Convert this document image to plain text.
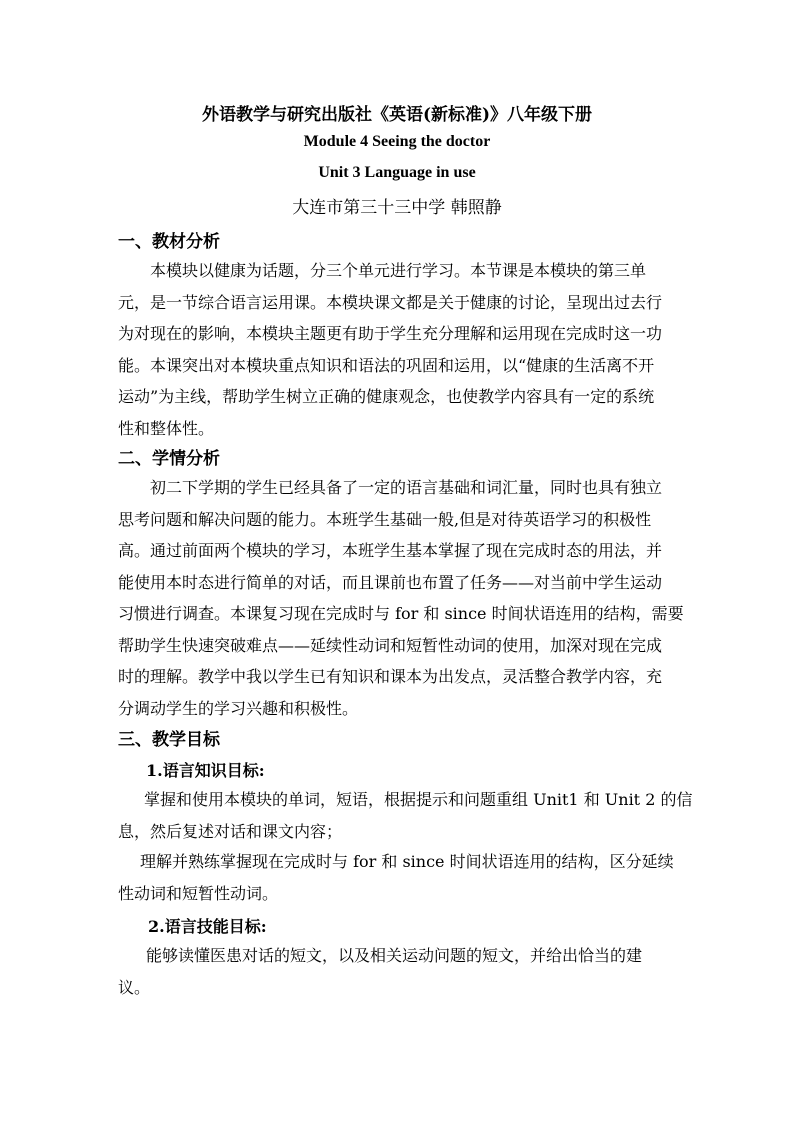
外语教学与研究出版社《英语(新标准)》八年级下册
Module 4 Seeing the doctor
Unit 3 Language in use
大连市第三十三中学 韩照静
一、教材分析
本模块以健康为话题，分三个单元进行学习。本节课是本模块的第三单
元，是一节综合语言运用课。本模块课文都是关于健康的讨论，呈现出过去行
为对现在的影响，本模块主题更有助于学生充分理解和运用现在完成时这一功
能。本课突出对本模块重点知识和语法的巩固和运用，以“健康的生活离不开
运动”为主线，帮助学生树立正确的健康观念，也使教学内容具有一定的系统
性和整体性。
二、学情分析
初二下学期的学生已经具备了一定的语言基础和词汇量，同时也具有独立
思考问题和解决问题的能力。本班学生基础一般,但是对待英语学习的积极性
高。通过前面两个模块的学习，本班学生基本掌握了现在完成时态的用法，并
能使用本时态进行简单的对话，而且课前也布置了任务——对当前中学生运动
习惯进行调查。本课复习现在完成时与 for 和 since 时间状语连用的结构，需要
帮助学生快速突破难点——延续性动词和短暂性动词的使用，加深对现在完成
时的理解。教学中我以学生已有知识和课本为出发点，灵活整合教学内容，充
分调动学生的学习兴趣和积极性。
三、教学目标
1.语言知识目标:
掌握和使用本模块的单词，短语，根据提示和问题重组 Unit1 和 Unit 2 的信
息，然后复述对话和课文内容；
理解并熟练掌握现在完成时与 for 和 since 时间状语连用的结构，区分延续
性动词和短暂性动词。
2.语言技能目标:
能够读懂医患对话的短文，以及相关运动问题的短文，并给出恰当的建
议。
